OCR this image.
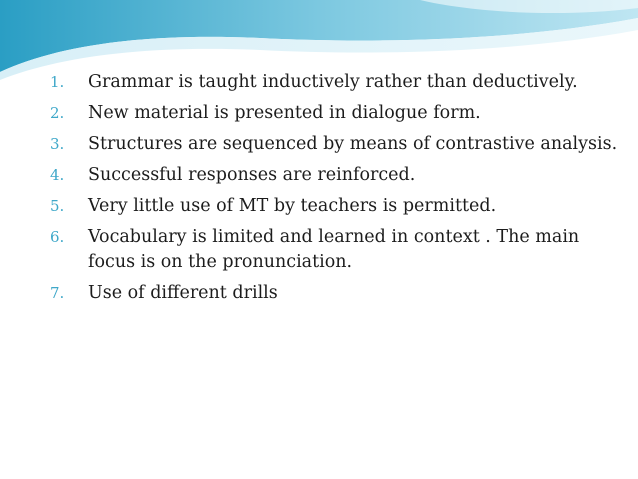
1. Grammar is taught inductively rather than deductively.
2. New material is presented in dialogue form.
3. Structures are sequenced by means of contrastive analysis.
4. Successful responses are reinforced.
5. Very little use of MT by teachers is permitted.
6. Vocabulary is limited and learned in context . The main focus is on the pronunciation.
7. Use of different drills
